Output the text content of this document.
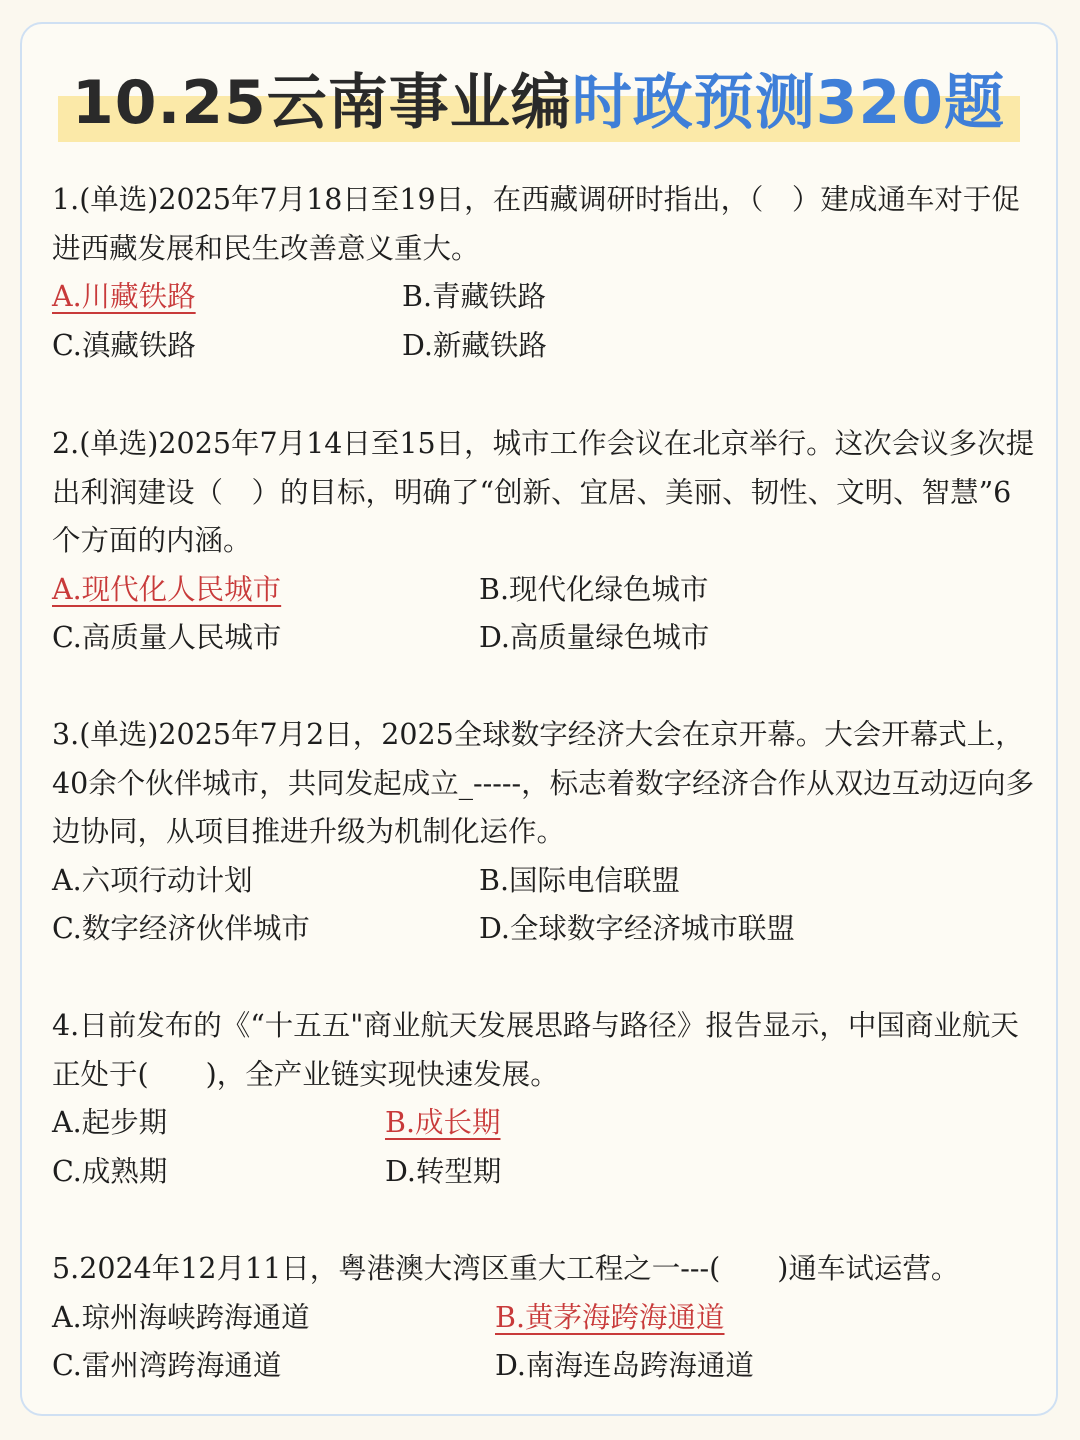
10.25云南事业编时政预测320题

1.(单选)2025年7月18日至19日，在西藏调研时指出，（　）建成通车对于促进西藏发展和民生改善意义重大。

A.川藏铁路	B.青藏铁路
C.滇藏铁路	D.新藏铁路

2.(单选)2025年7月14日至15日，城市工作会议在北京举行。这次会议多次提出利润建设（　）的目标，明确了“创新、宜居、美丽、韧性、文明、智慧”6个方面的内涵。

A.现代化人民城市	B.现代化绿色城市
C.高质量人民城市	D.高质量绿色城市

3.(单选)2025年7月2日，2025全球数字经济大会在京开幕。大会开幕式上，40余个伙伴城市，共同发起成立_-----，标志着数字经济合作从双边互动迈向多边协同，从项目推进升级为机制化运作。

A.六项行动计划	B.国际电信联盟
C.数字经济伙伴城市	D.全球数字经济城市联盟

4.日前发布的《“十五五"商业航天发展思路与路径》报告显示，中国商业航天正处于(　　)，全产业链实现快速发展。

A.起步期	B.成长期
C.成熟期	D.转型期

5.2024年12月11日，粤港澳大湾区重大工程之一---(　　)通车试运营。

A.琼州海峡跨海通道	B.黄茅海跨海通道
C.雷州湾跨海通道	D.南海连岛跨海通道
